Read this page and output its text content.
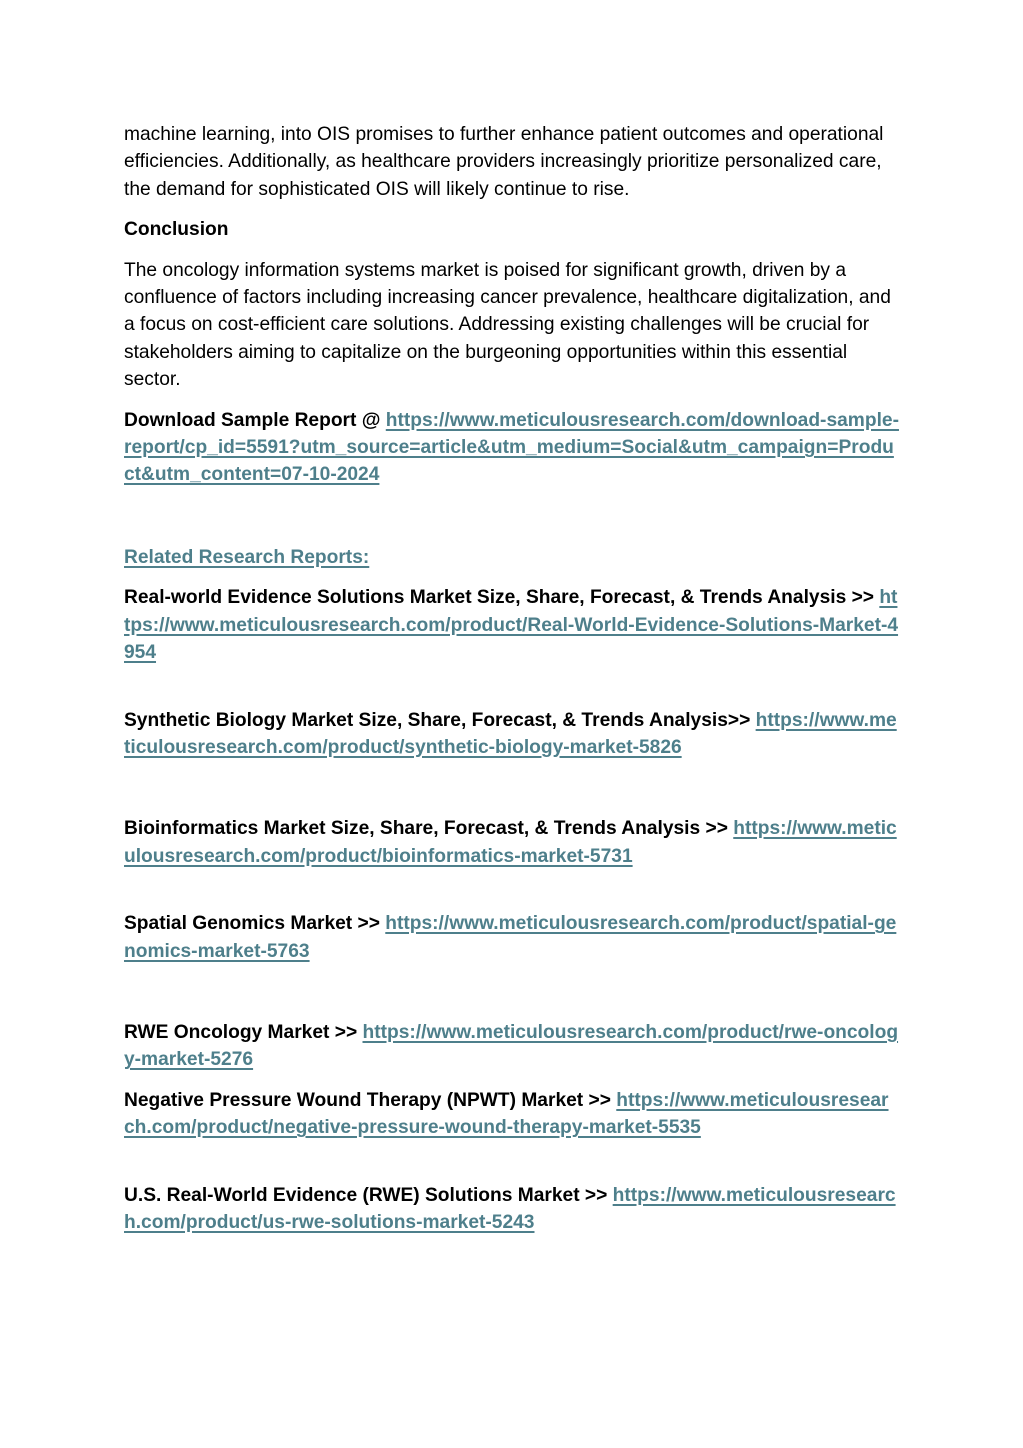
machine learning, into OIS promises to further enhance patient outcomes and operational efficiencies. Additionally, as healthcare providers increasingly prioritize personalized care, the demand for sophisticated OIS will likely continue to rise.

Conclusion

The oncology information systems market is poised for significant growth, driven by a confluence of factors including increasing cancer prevalence, healthcare digitalization, and a focus on cost-efficient care solutions. Addressing existing challenges will be crucial for stakeholders aiming to capitalize on the burgeoning opportunities within this essential sector.

Download Sample Report @ https://www.meticulousresearch.com/download-sample-report/cp_id=5591?utm_source=article&utm_medium=Social&utm_campaign=Product&utm_content=07-10-2024

Related Research Reports:

Real-world Evidence Solutions Market Size, Share, Forecast, & Trends Analysis >> https://www.meticulousresearch.com/product/Real-World-Evidence-Solutions-Market-4954

Synthetic Biology Market Size, Share, Forecast, & Trends Analysis>> https://www.meticulousresearch.com/product/synthetic-biology-market-5826

Bioinformatics Market Size, Share, Forecast, & Trends Analysis >> https://www.meticulousresearch.com/product/bioinformatics-market-5731

Spatial Genomics Market >> https://www.meticulousresearch.com/product/spatial-genomics-market-5763

RWE Oncology Market >> https://www.meticulousresearch.com/product/rwe-oncology-market-5276

Negative Pressure Wound Therapy (NPWT) Market >> https://www.meticulousresearch.com/product/negative-pressure-wound-therapy-market-5535

U.S. Real-World Evidence (RWE) Solutions Market >> https://www.meticulousresearch.com/product/us-rwe-solutions-market-5243
